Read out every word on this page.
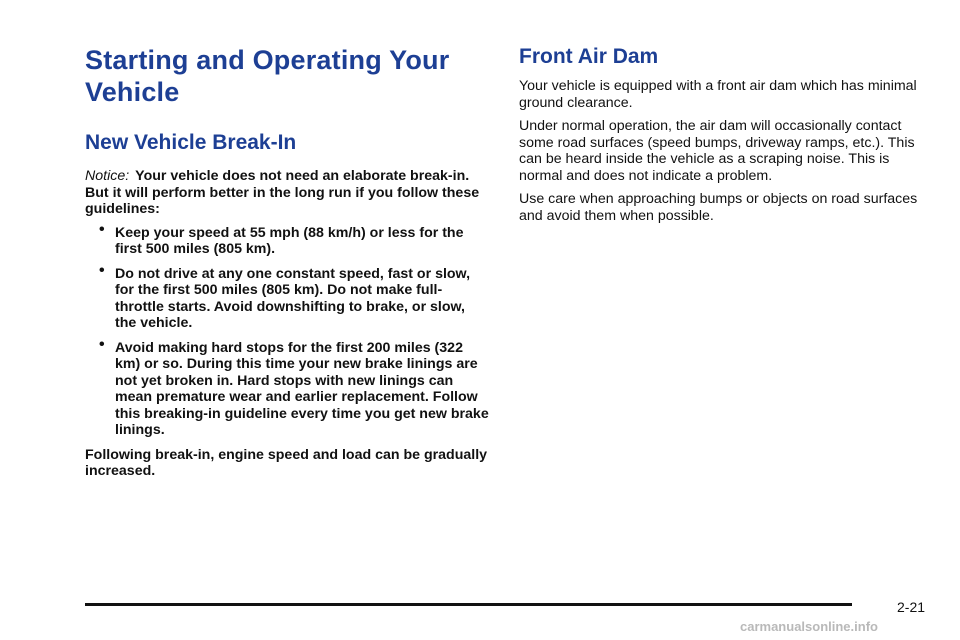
Starting and Operating Your Vehicle
New Vehicle Break-In

Notice: Your vehicle does not need an elaborate break-in. But it will perform better in the long run if you follow these guidelines:

• Keep your speed at 55 mph (88 km/h) or less for the first 500 miles (805 km).
• Do not drive at any one constant speed, fast or slow, for the first 500 miles (805 km). Do not make full-throttle starts. Avoid downshifting to brake, or slow, the vehicle.
• Avoid making hard stops for the first 200 miles (322 km) or so. During this time your new brake linings are not yet broken in. Hard stops with new linings can mean premature wear and earlier replacement. Follow this breaking-in guideline every time you get new brake linings.

Following break-in, engine speed and load can be gradually increased.

Front Air Dam

Your vehicle is equipped with a front air dam which has minimal ground clearance.

Under normal operation, the air dam will occasionally contact some road surfaces (speed bumps, driveway ramps, etc.). This can be heard inside the vehicle as a scraping noise. This is normal and does not indicate a problem.

Use care when approaching bumps or objects on road surfaces and avoid them when possible.

2-21
carmanualsonline.info
